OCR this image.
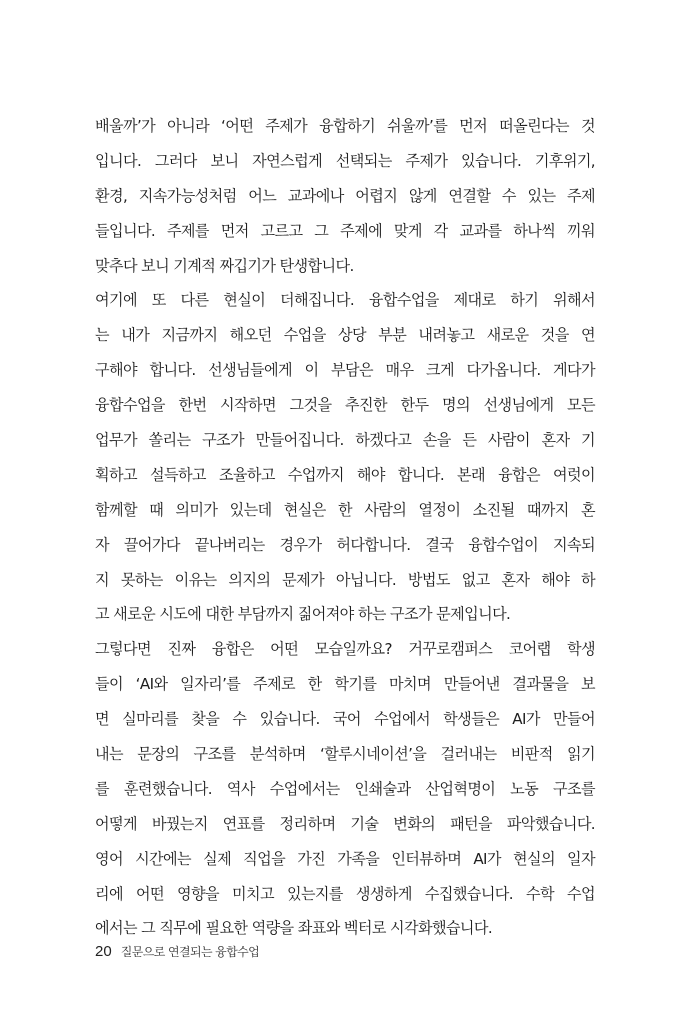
배울까’가 아니라 ‘어떤 주제가 융합하기 쉬울까’를 먼저 떠올린다는 것
입니다. 그러다 보니 자연스럽게 선택되는 주제가 있습니다. 기후위기,
환경, 지속가능성처럼 어느 교과에나 어렵지 않게 연결할 수 있는 주제
들입니다. 주제를 먼저 고르고 그 주제에 맞게 각 교과를 하나씩 끼워
맞추다 보니 기계적 짜깁기가 탄생합니다.
여기에 또 다른 현실이 더해집니다. 융합수업을 제대로 하기 위해서
는 내가 지금까지 해오던 수업을 상당 부분 내려놓고 새로운 것을 연
구해야 합니다. 선생님들에게 이 부담은 매우 크게 다가옵니다. 게다가
융합수업을 한번 시작하면 그것을 추진한 한두 명의 선생님에게 모든
업무가 쏠리는 구조가 만들어집니다. 하겠다고 손을 든 사람이 혼자 기
획하고 설득하고 조율하고 수업까지 해야 합니다. 본래 융합은 여럿이
함께할 때 의미가 있는데 현실은 한 사람의 열정이 소진될 때까지 혼
자 끌어가다 끝나버리는 경우가 허다합니다. 결국 융합수업이 지속되
지 못하는 이유는 의지의 문제가 아닙니다. 방법도 없고 혼자 해야 하
고 새로운 시도에 대한 부담까지 짊어져야 하는 구조가 문제입니다.
그렇다면 진짜 융합은 어떤 모습일까요? 거꾸로캠퍼스 코어랩 학생
들이 ‘AI와 일자리’를 주제로 한 학기를 마치며 만들어낸 결과물을 보
면 실마리를 찾을 수 있습니다. 국어 수업에서 학생들은 AI가 만들어
내는 문장의 구조를 분석하며 ‘할루시네이션’을 걸러내는 비판적 읽기
를 훈련했습니다. 역사 수업에서는 인쇄술과 산업혁명이 노동 구조를
어떻게 바꿨는지 연표를 정리하며 기술 변화의 패턴을 파악했습니다.
영어 시간에는 실제 직업을 가진 가족을 인터뷰하며 AI가 현실의 일자
리에 어떤 영향을 미치고 있는지를 생생하게 수집했습니다. 수학 수업
에서는 그 직무에 필요한 역량을 좌표와 벡터로 시각화했습니다.
20 질문으로 연결되는 융합수업
